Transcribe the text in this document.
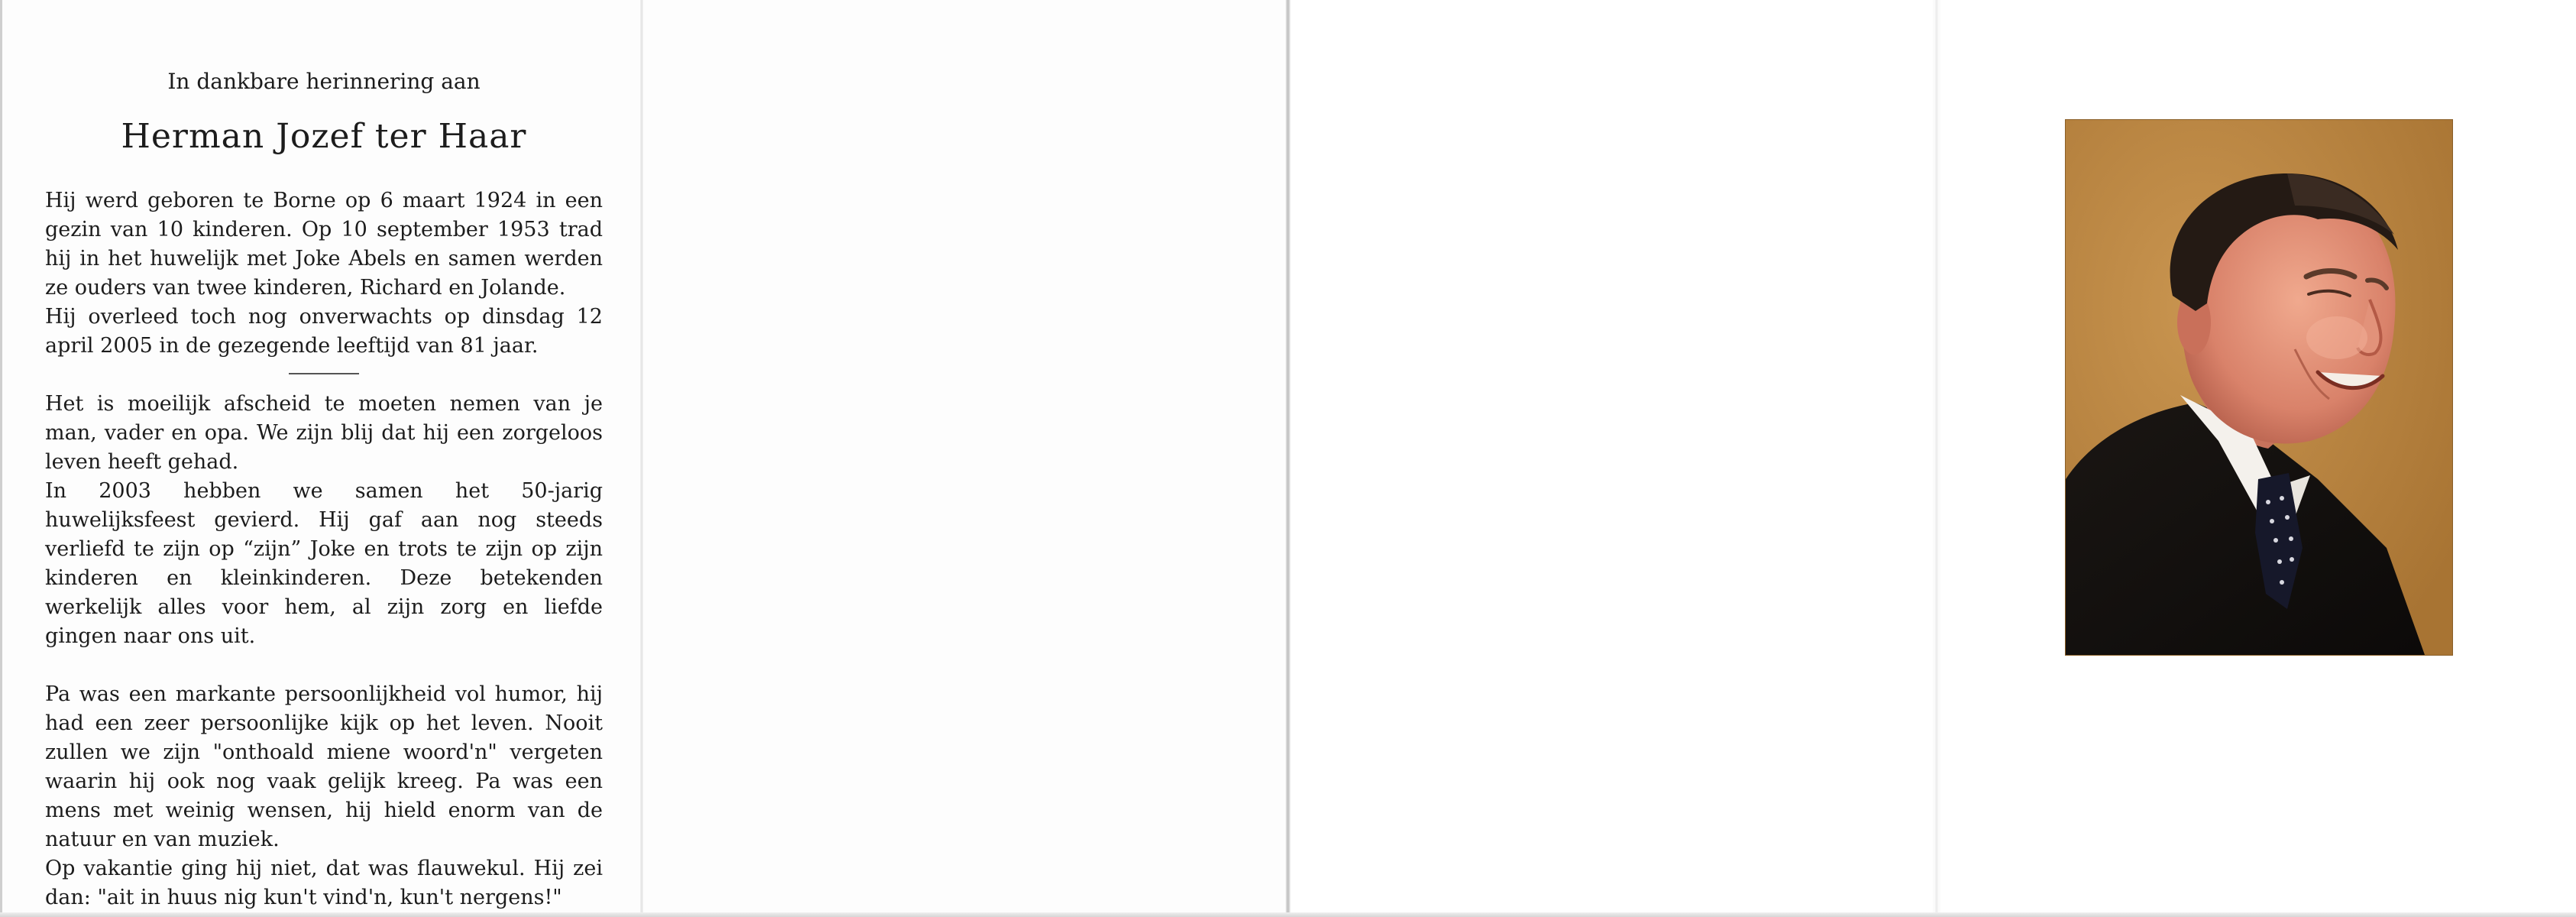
In dankbare herinnering aan
Herman Jozef ter Haar

Hij werd geboren te Borne op 6 maart 1924 in een gezin van 10 kinderen. Op 10 september 1953 trad hij in het huwelijk met Joke Abels en samen werden ze ouders van twee kinderen, Richard en Jolande.

Hij overleed toch nog onverwachts op dinsdag 12 april 2005 in de gezegende leeftijd van 81 jaar.

Het is moeilijk afscheid te moeten nemen van je man, vader en opa. We zijn blij dat hij een zorgeloos leven heeft gehad.

In 2003 hebben we samen het 50-jarig huwelijksfeest gevierd. Hij gaf aan nog steeds verliefd te zijn op “zijn” Joke en trots te zijn op zijn kinderen en kleinkinderen. Deze betekenden werkelijk alles voor hem, al zijn zorg en liefde gingen naar ons uit.

Pa was een markante persoonlijkheid vol humor, hij had een zeer persoonlijke kijk op het leven. Nooit zullen we zijn "onthoald miene woord'n" vergeten waarin hij ook nog vaak gelijk kreeg. Pa was een mens met weinig wensen, hij hield enorm van de natuur en van muziek.

Op vakantie ging hij niet, dat was flauwekul. Hij zei dan: "ait in huus nig kun't vind'n, kun't nergens!"
